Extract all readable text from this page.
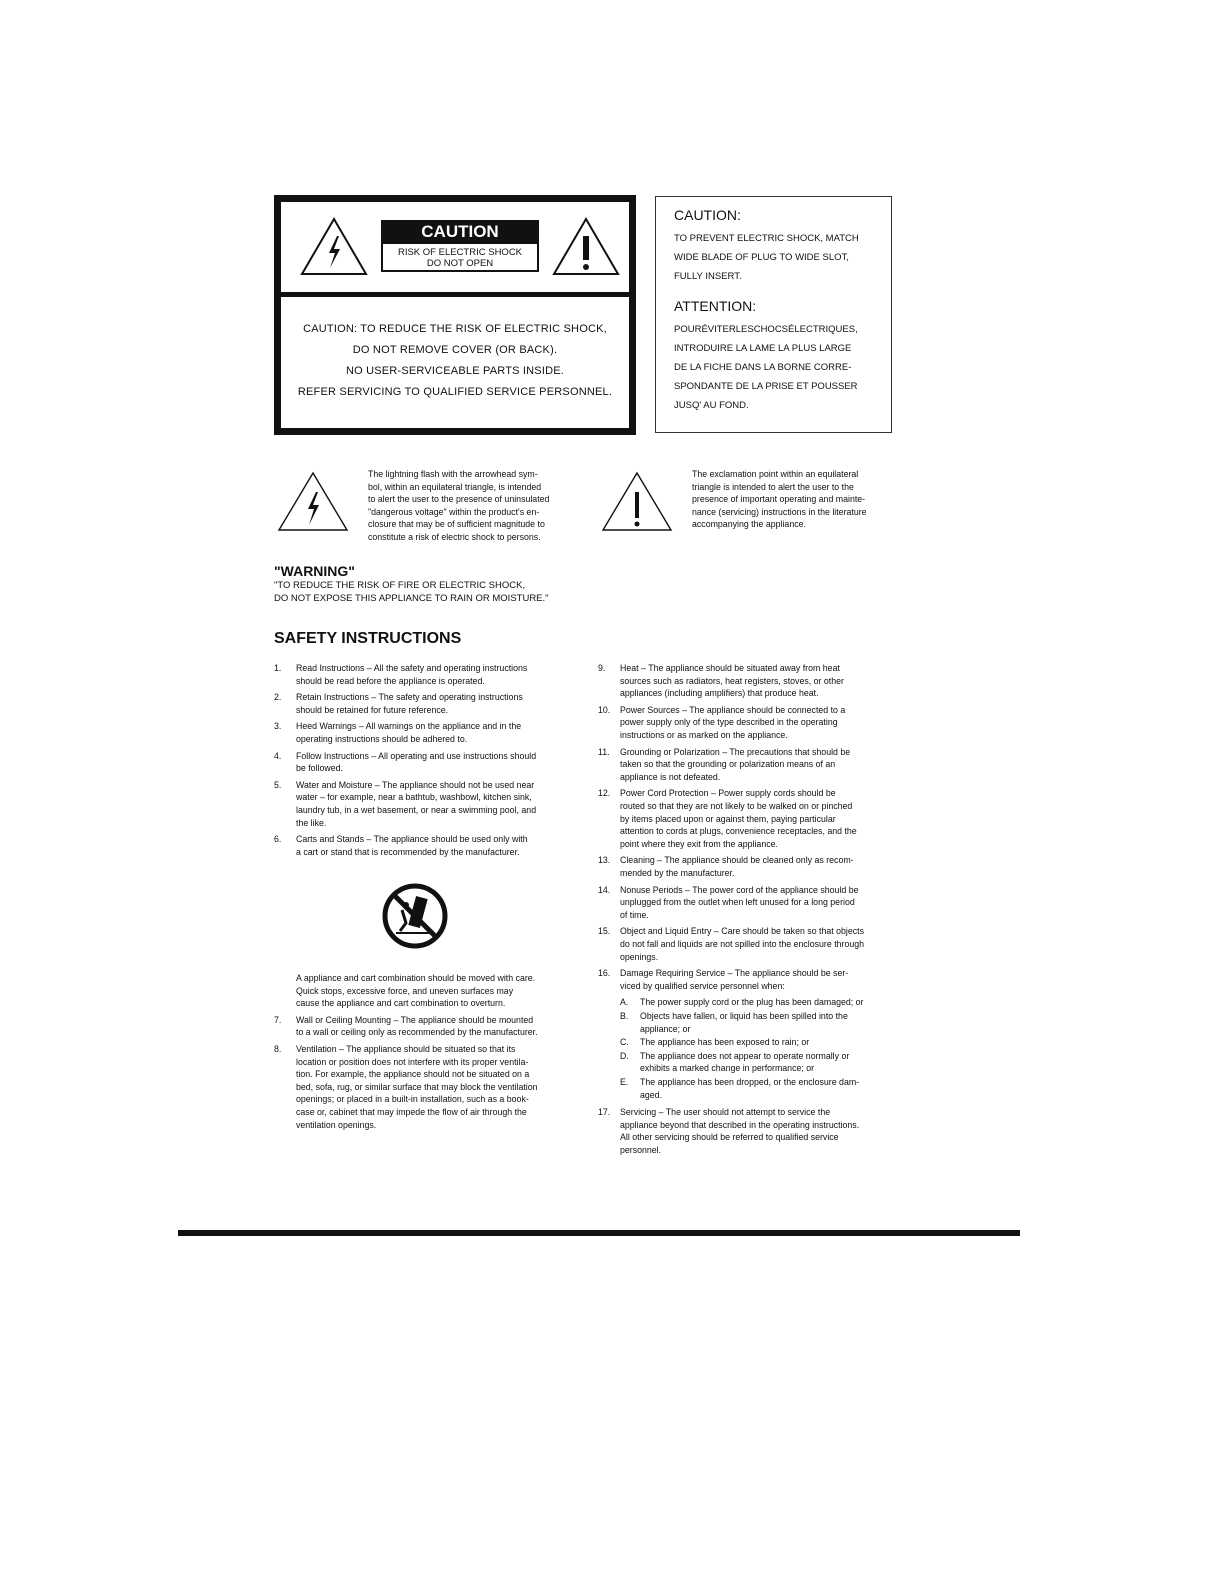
CAUTION
RISK OF ELECTRIC SHOCK
DO NOT OPEN
CAUTION: TO REDUCE THE RISK OF ELECTRIC SHOCK,
DO NOT REMOVE COVER (OR BACK).
NO USER-SERVICEABLE PARTS INSIDE.
REFER SERVICING TO QUALIFIED SERVICE PERSONNEL.
CAUTION:
TO PREVENT ELECTRIC SHOCK, MATCH
WIDE BLADE OF PLUG TO WIDE SLOT,
FULLY INSERT.
ATTENTION:
POURÉVITERLESCHOCSÉLECTRIQUES,
INTRODUIRE LA LAME LA PLUS LARGE
DE LA FICHE DANS LA BORNE CORRE-
SPONDANTE DE LA PRISE ET POUSSER
JUSQ' AU FOND.
The lightning flash with the arrowhead sym-
bol, within an equilateral triangle, is intended
to alert the user to the presence of uninsulated
"dangerous voltage" within the product's en-
closure that may be of sufficient magnitude to
constitute a risk of electric shock to persons.
The exclamation point within an equilateral
triangle is intended to alert the user to the
presence of important operating and mainte-
nance (servicing) instructions in the literature
accompanying the appliance.
"WARNING"
"TO REDUCE THE RISK OF FIRE OR ELECTRIC SHOCK,
DO NOT EXPOSE THIS APPLIANCE TO RAIN OR MOISTURE."
SAFETY INSTRUCTIONS
1. Read Instructions – All the safety and operating instructions
should be read before the appliance is operated.
2. Retain Instructions – The safety and operating instructions
should be retained for future reference.
3. Heed Warnings – All warnings on the appliance and in the
operating instructions should be adhered to.
4. Follow Instructions – All operating and use instructions should
be followed.
5. Water and Moisture – The appliance should not be used near
water – for example, near a bathtub, washbowl, kitchen sink,
laundry tub, in a wet basement, or near a swimming pool, and
the like.
6. Carts and Stands – The appliance should be used only with
a cart or stand that is recommended by the manufacturer.
A appliance and cart combination should be moved with care.
Quick stops, excessive force, and uneven surfaces may
cause the appliance and cart combination to overturn.
7. Wall or Ceiling Mounting – The appliance should be mounted
to a wall or ceiling only as recommended by the manufacturer.
8. Ventilation – The appliance should be situated so that its
location or position does not interfere with its proper ventila-
tion. For example, the appliance should not be situated on a
bed, sofa, rug, or similar surface that may block the ventilation
openings; or placed in a built-in installation, such as a book-
case or, cabinet that may impede the flow of air through the
ventilation openings.
9. Heat – The appliance should be situated away from heat
sources such as radiators, heat registers, stoves, or other
appliances (including amplifiers) that produce heat.
10. Power Sources – The appliance should be connected to a
power supply only of the type described in the operating
instructions or as marked on the appliance.
11. Grounding or Polarization – The precautions that should be
taken so that the grounding or polarization means of an
appliance is not defeated.
12. Power Cord Protection – Power supply cords should be
routed so that they are not likely to be walked on or pinched
by items placed upon or against them, paying particular
attention to cords at plugs, convenience receptacles, and the
point where they exit from the appliance.
13. Cleaning – The appliance should be cleaned only as recom-
mended by the manufacturer.
14. Nonuse Periods – The power cord of the appliance should be
unplugged from the outlet when left unused for a long period
of time.
15. Object and Liquid Entry – Care should be taken so that objects
do not fall and liquids are not spilled into the enclosure through
openings.
16. Damage Requiring Service – The appliance should be ser-
viced by qualified service personnel when:
A. The power supply cord or the plug has been damaged; or
B. Objects have fallen, or liquid has been spilled into the
appliance; or
C. The appliance has been exposed to rain; or
D. The appliance does not appear to operate normally or
exhibits a marked change in performance; or
E. The appliance has been dropped, or the enclosure dam-
aged.
17. Servicing – The user should not attempt to service the
appliance beyond that described in the operating instructions.
All other servicing should be referred to qualified service
personnel.
